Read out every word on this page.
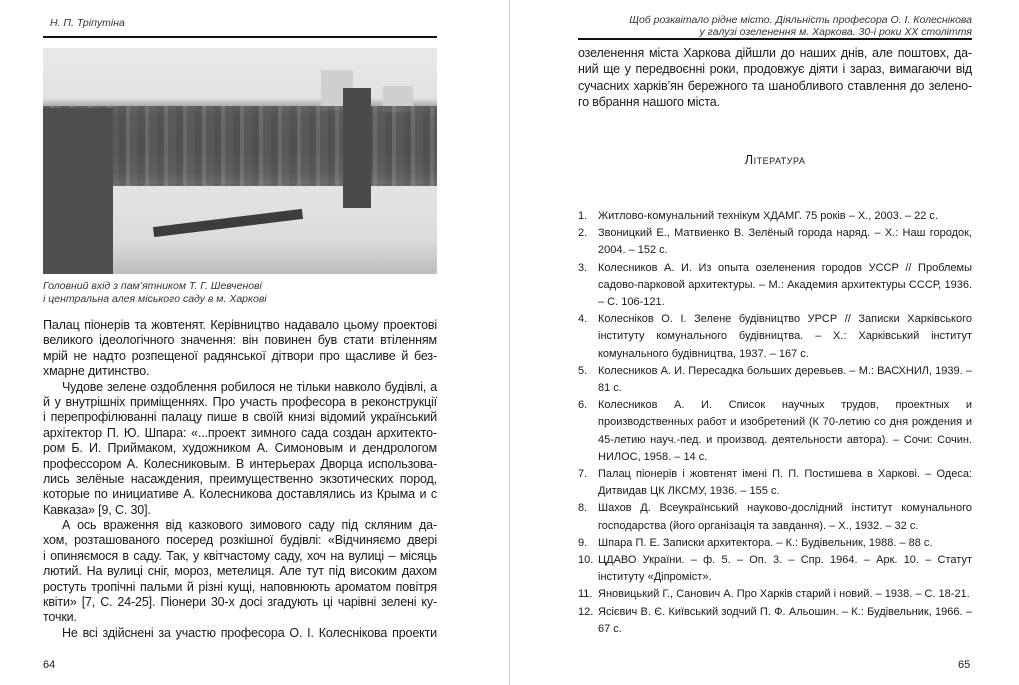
Н. П. Тріпутіна
Головний вхід з пам’ятником Т. Г. Шевченові
і центральна алея міського саду в м. Харкові
Палац піонерів та жовтенят. Керівництво надавало цьому проектові
великого ідеологічного значення: він повинен був стати втіленням
мрій не надто розпещеної радянської дітвори про щасливе й без-
хмарне дитинство.
Чудове зелене оздоблення робилося не тільки навколо будівлі, а
й у внутрішніх приміщеннях. Про участь професора в реконструкції
і перепрофілюванні палацу пише в своїй книзі відомий український
архітектор П. Ю. Шпара: «...проект зимного сада создан архитекто-
ром Б. И. Приймаком, художником А. Симоновым и дендрологом
профессором А. Колесниковым. В интерьерах Дворца использова-
лись зелёные насаждения, преимущественно экзотических пород,
которые по инициативе А. Колесникова доставлялись из Крыма и с
Кавказа» [9, С. 30].
А ось враження від казкового зимового саду під скляним да-
хом, розташованого посеред розкішної будівлі: «Відчиняємо двері
і опиняємося в саду. Так, у квітчастому саду, хоч на вулиці – місяць
лютий. На вулиці сніг, мороз, метелиця. Але тут під високим дахом
ростуть тропічні пальми й різні кущі, наповнюють ароматом повітря
квіти» [7, С. 24-25]. Піонери 30-х досі згадують ці чарівні зелені ку-
точки.
Не всі здійснені за участю професора О. І. Колеснікова проекти
64
Щоб розквітало рідне місто. Діяльність професора О. І. Колеснікова
у галузі озеленення м. Харкова. 30-і роки ХХ століття
озеленення міста Харкова дійшли до наших днів, але поштовх, да-
ний ще у передвоєнні роки, продовжує діяти і зараз, вимагаючи від
сучасних харків’ян бережного та шанобливого ставлення до зелено-
го вбрання нашого міста.
Література
1. Житлово-комунальний технікум ХДАМГ. 75 років – Х., 2003. – 22 с.
2. Звоницкий Е., Матвиенко В. Зелёный города наряд. – Х.: Наш городок, 2004. – 152 с.
3. Колесников А. И. Из опыта озеленения городов УССР // Проблемы садово-парковой архитектуры. – М.: Академия архитектуры СССР, 1936. – С. 106-121.
4. Колесніков О. І. Зелене будівництво УРСР // Записки Харківського інституту комунального будівництва. – Х.: Харківський інститут комунального будівництва, 1937. – 167 с.
5. Колесников А. И. Пересадка больших деревьев. – М.: ВАСХНИЛ, 1939. – 81 с.
6. Колесников А. И. Список научных трудов, проектных и производственных работ и изобретений (К 70-летию со дня рождения и 45-летию науч.-пед. и производ. деятельности автора). – Сочи: Сочин. НИЛОС, 1958. – 14 с.
7. Палац піонерів і жовтенят імені П. П. Постишева в Харкові. – Одеса: Дитвидав ЦК ЛКСМУ, 1936. – 155 с.
8. Шахов Д. Всеукраїнський науково-дослідний інститут комунального господарства (його організація та завдання). – Х., 1932. – 32 с.
9. Шпара П. Е. Записки архитектора. – К.: Будівельник, 1988. – 88 с.
10. ЦДАВО України. – ф. 5. – Оп. 3. – Спр. 1964. – Арк. 10. – Статут інституту «Діпроміст».
11. Яновицький Г., Санович А. Про Харків старий і новий. – 1938. – С. 18-21.
12. Ясієвич В. Є. Київський зодчий П. Ф. Альошин. – К.: Будівельник, 1966. – 67 с.
65
